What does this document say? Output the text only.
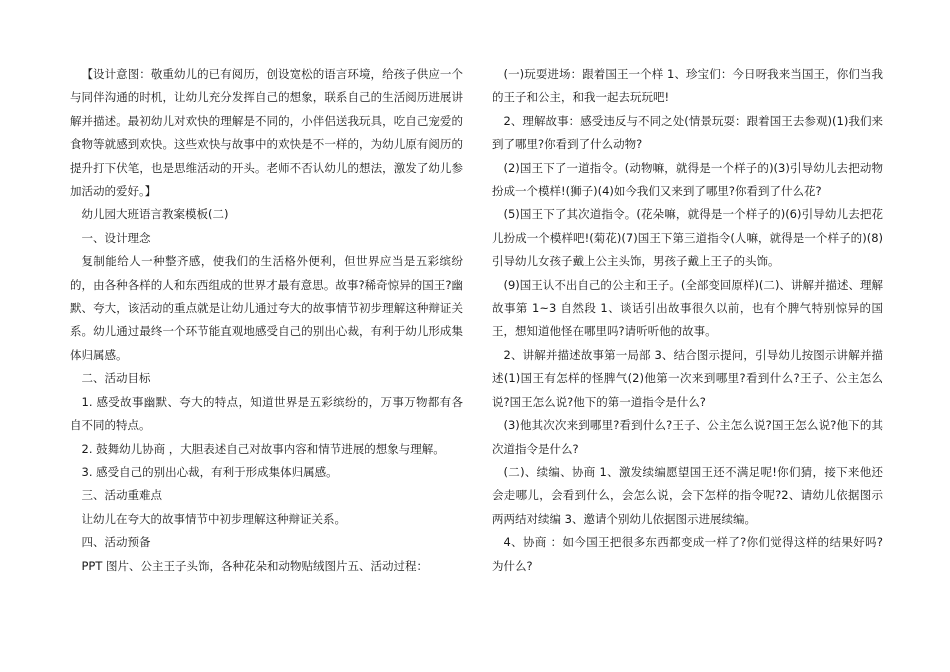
【设计意图：敬重幼儿的已有阅历，创设宽松的语言环境，给孩子供应一个与同伴沟通的时机，让幼儿充分发挥自己的想象，联系自己的生活阅历进展讲解并描述。最初幼儿对欢快的理解是不同的，小伴侣送我玩具，吃自己宠爱的食物等就感到欢快。这些欢快与故事中的欢快是不一样的，为幼儿原有阅历的提升打下伏笔，也是思维活动的开头。老师不否认幼儿的想法，激发了幼儿参加活动的爱好。】

幼儿园大班语言教案模板(二)

一、设计理念

复制能给人一种整齐感，使我们的生活格外便利，但世界应当是五彩缤纷的，由各种各样的人和东西组成的世界才最有意思。故事?稀奇惊异的国王?幽默、夸大，该活动的重点就是让幼儿通过夸大的故事情节初步理解这种辩证关系。幼儿通过最终一个环节能直观地感受自己的别出心裁，有利于幼儿形成集体归属感。

二、活动目标

1. 感受故事幽默、夸大的特点，知道世界是五彩缤纷的，万事万物都有各自不同的特点。

2. 鼓舞幼儿协商 ，大胆表述自己对故事内容和情节进展的想象与理解。

3. 感受自己的别出心裁，有利于形成集体归属感。

三、活动重难点

让幼儿在夸大的故事情节中初步理解这种辩证关系。

四、活动预备

PPT 图片、公主王子头饰，各种花朵和动物贴绒图片五、活动过程：

(一)玩耍进场：跟着国王一个样 1、珍宝们：今日呀我来当国王，你们当我的王子和公主，和我一起去玩玩吧!

2、理解故事：感受违反与不同之处(情景玩耍：跟着国王去参观)(1)我们来到了哪里?你看到了什么动物?

(2)国王下了一道指令。(动物嘛，就得是一个样子的)(3)引导幼儿去把动物扮成一个模样!(狮子)(4)如今我们又来到了哪里?你看到了什么花?

(5)国王下了其次道指令。(花朵嘛，就得是一个样子的)(6)引导幼儿去把花儿扮成一个模样吧!(菊花)(7)国王下第三道指令(人嘛，就得是一个样子的)(8)引导幼儿女孩子戴上公主头饰，男孩子戴上王子的头饰。

(9)国王认不出自己的公主和王子。(全部变回原样)(二)、讲解并描述、理解故事第 1~3 自然段 1、谈话引出故事很久以前，也有个脾气特别惊异的国王，想知道他怪在哪里吗?请听听他的故事。

2、讲解并描述故事第一局部 3、结合图示提问，引导幼儿按图示讲解并描述(1)国王有怎样的怪脾气(2)他第一次来到哪里?看到什么?王子、公主怎么说?国王怎么说?他下的第一道指令是什么?

(3)他其次次来到哪里?看到什么?王子、公主怎么说?国王怎么说?他下的其次道指令是什么?

(二)、续编、协商 1、激发续编愿望国王还不满足呢!你们猜，接下来他还会走哪儿，会看到什么，会怎么说，会下怎样的指令呢?2、请幼儿依据图示两两结对续编 3、邀请个别幼儿依据图示进展续编。

4、协商 ：如今国王把很多东西都变成一样了?你们觉得这样的结果好吗?为什么?
